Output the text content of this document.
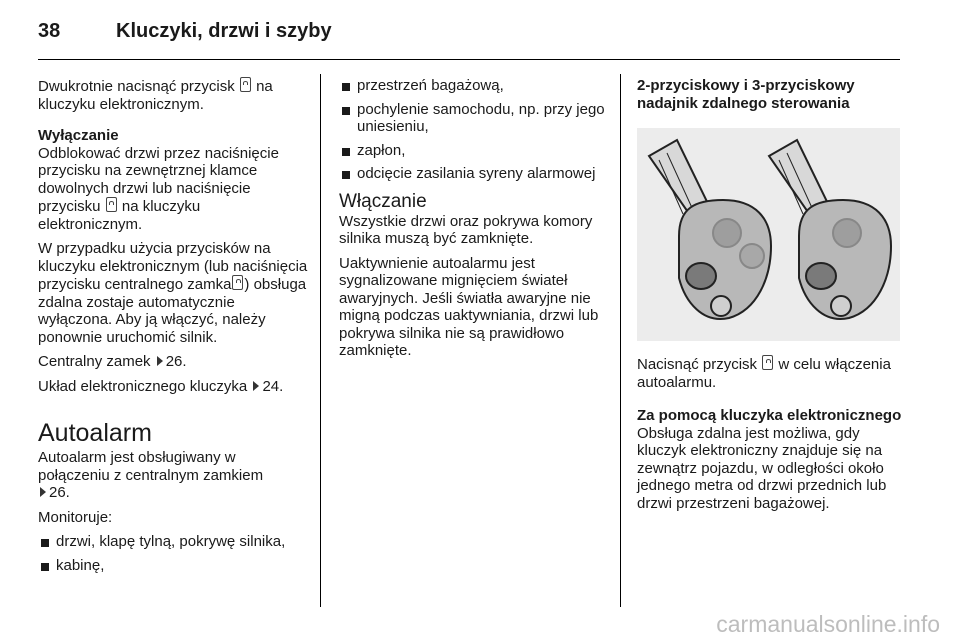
38	Kluczyki, drzwi i szyby

Dwukrotnie nacisnąć przycisk na kluczyku elektronicznym.

Wyłączanie

Odblokować drzwi przez naciśnięcie przycisku na zewnętrznej klamce dowolnych drzwi lub naciśnięcie przycisku na kluczyku elektronicznym.

W przypadku użycia przycisków na kluczyku elektronicznym (lub naciśnięcia przycisku centralnego zamka ) obsługa zdalna zostaje automatycznie wyłączona. Aby ją włączyć, należy ponownie uruchomić silnik.

Centralny zamek 26.

Układ elektronicznego kluczyka 24.

Autoalarm

Autoalarm jest obsługiwany w połączeniu z centralnym zamkiem
26.

Monitoruje:

drzwi, klapę tylną, pokrywę silnika,

kabinę,

przestrzeń bagażową,

pochylenie samochodu, np. przy jego uniesieniu,

zapłon,

odcięcie zasilania syreny alarmowej

Włączanie

Wszystkie drzwi oraz pokrywa komory silnika muszą być zamknięte.

Uaktywnienie autoalarmu jest sygnalizowane mignięciem świateł awaryjnych. Jeśli światła awaryjne nie migną podczas uaktywniania, drzwi lub pokrywa silnika nie są prawidłowo zamknięte.

2-przyciskowy i 3-przyciskowy nadajnik zdalnego sterowania

Nacisnąć przycisk w celu włączenia autoalarmu.

Za pomocą kluczyka elektronicznego

Obsługa zdalna jest możliwa, gdy kluczyk elektroniczny znajduje się na zewnątrz pojazdu, w odległości około jednego metra od drzwi przednich lub drzwi przestrzeni bagażowej.

carmanualsonline.info
